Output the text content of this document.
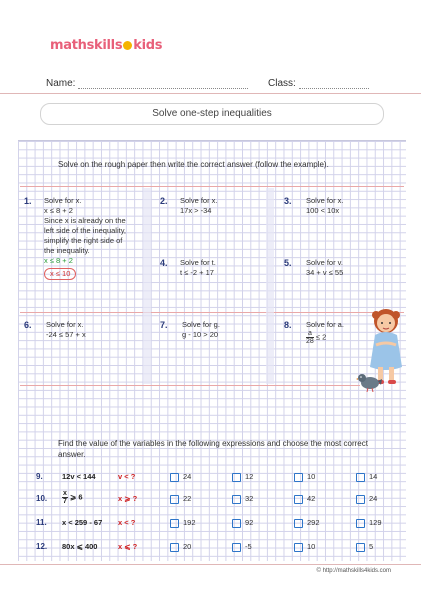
mathskills kids
Name:	Class:
Solve one-step inequalities
Solve on the rough paper then write the correct answer (follow the example).
1. Solve for x.
x ≤ 8 + 2
Since x is already on the
left side of the inequality,
simplify the right side of
the inequality.
x ≤ 8 + 2
x ≤ 10
2. Solve for x.
17x > -34
3. Solve for x.
100 < 10x
4. Solve for t.
t ≤ -2 + 17
5. Solve for v.
34 + v ≤ 55
6. Solve for x.
-24 ≤ 57 + x
7. Solve for g.
g - 10 > 20
8. Solve for a.
$\frac{a}{28} \le 2$
Find the value of the variables in the following expressions and choose the most correct answer.
9.	12v < 144	v < ?	24	12	10	14
10. $\frac{x}{7}$ ⩾ 6	x ⩾ ?	22	32	42	24
11. x < 259 - 67 x < ?	192	92	292	129
12. 80x ⩽ 400	x ⩽ ?	20	-5	10	5
© http://mathskills4kids.com
